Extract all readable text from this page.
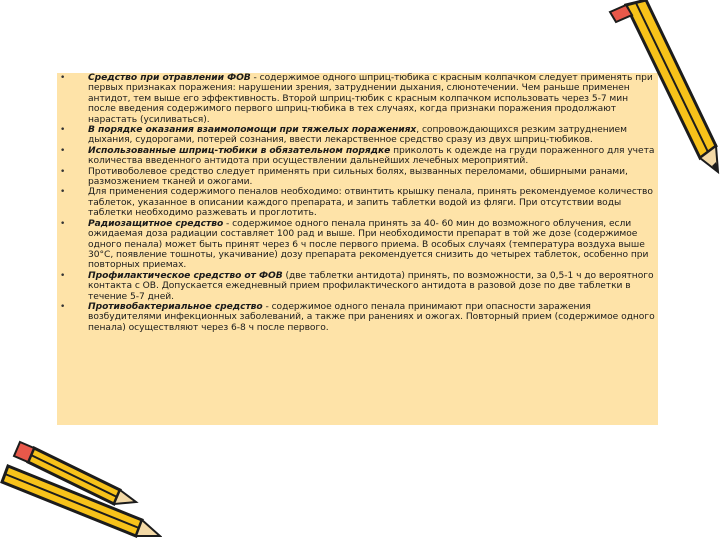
• Средство при отравлении ФОВ - содержимое одного шприц-тюбика с красным колпачком следует применять при первых признаках поражения: нарушении зрения, затруднении дыхания, слюнотечении. Чем раньше применен антидот, тем выше его эффективность. Второй шприц-тюбик с красным колпачком использовать через 5-7 мин после введения содержимого первого шприц-тюбика в тех случаях, когда признаки поражения продолжают нарастать (усиливаться).
• В порядке оказания взаимопомощи при тяжелых поражениях, сопровождающихся резким затруднением дыхания, судорогами, потерей сознания, ввести лекарственное средство сразу из двух шприц-тюбиков.
• Использованные шприц-тюбики в обязательном порядке приколоть к одежде на груди пораженного для учета количества введенного антидота при осуществлении дальнейших лечебных мероприятий.
• Противоболевое средство следует применять при сильных болях, вызванных переломами, обширными ранами, размозжением тканей и ожогами.
• Для применения содержимого пеналов необходимо: отвинтить крышку пенала, принять рекомендуемое количество таблеток, указанное в описании каждого препарата, и запить таблетки водой из фляги. При отсутствии воды таблетки необходимо разжевать и проглотить.
• Радиозащитное средство - содержимое одного пенала принять за 40- 60 мин до возможного облучения, если ожидаемая доза радиации составляет 100 рад и выше. При необходимости препарат в той же дозе (содержимое одного пенала) может быть принят через 6 ч после первого приема. В особых случаях (температура воздуха выше 30°С, появление тошноты, укачивание) дозу препарата рекомендуется снизить до четырех таблеток, особенно при повторных приемах.
• Профилактическое средство от ФОВ (две таблетки антидота) принять, по возможности, за 0,5-1 ч до вероятного контакта с ОВ. Допускается ежедневный прием профилактического антидота в разовой дозе по две таблетки в течение 5-7 дней.
• Противобактериальное средство - содержимое одного пенала принимают при опасности заражения возбудителями инфекционных заболеваний, а также при ранениях и ожогах. Повторный прием (содержимое одного пенала) осуществляют через 6-8 ч после первого.
